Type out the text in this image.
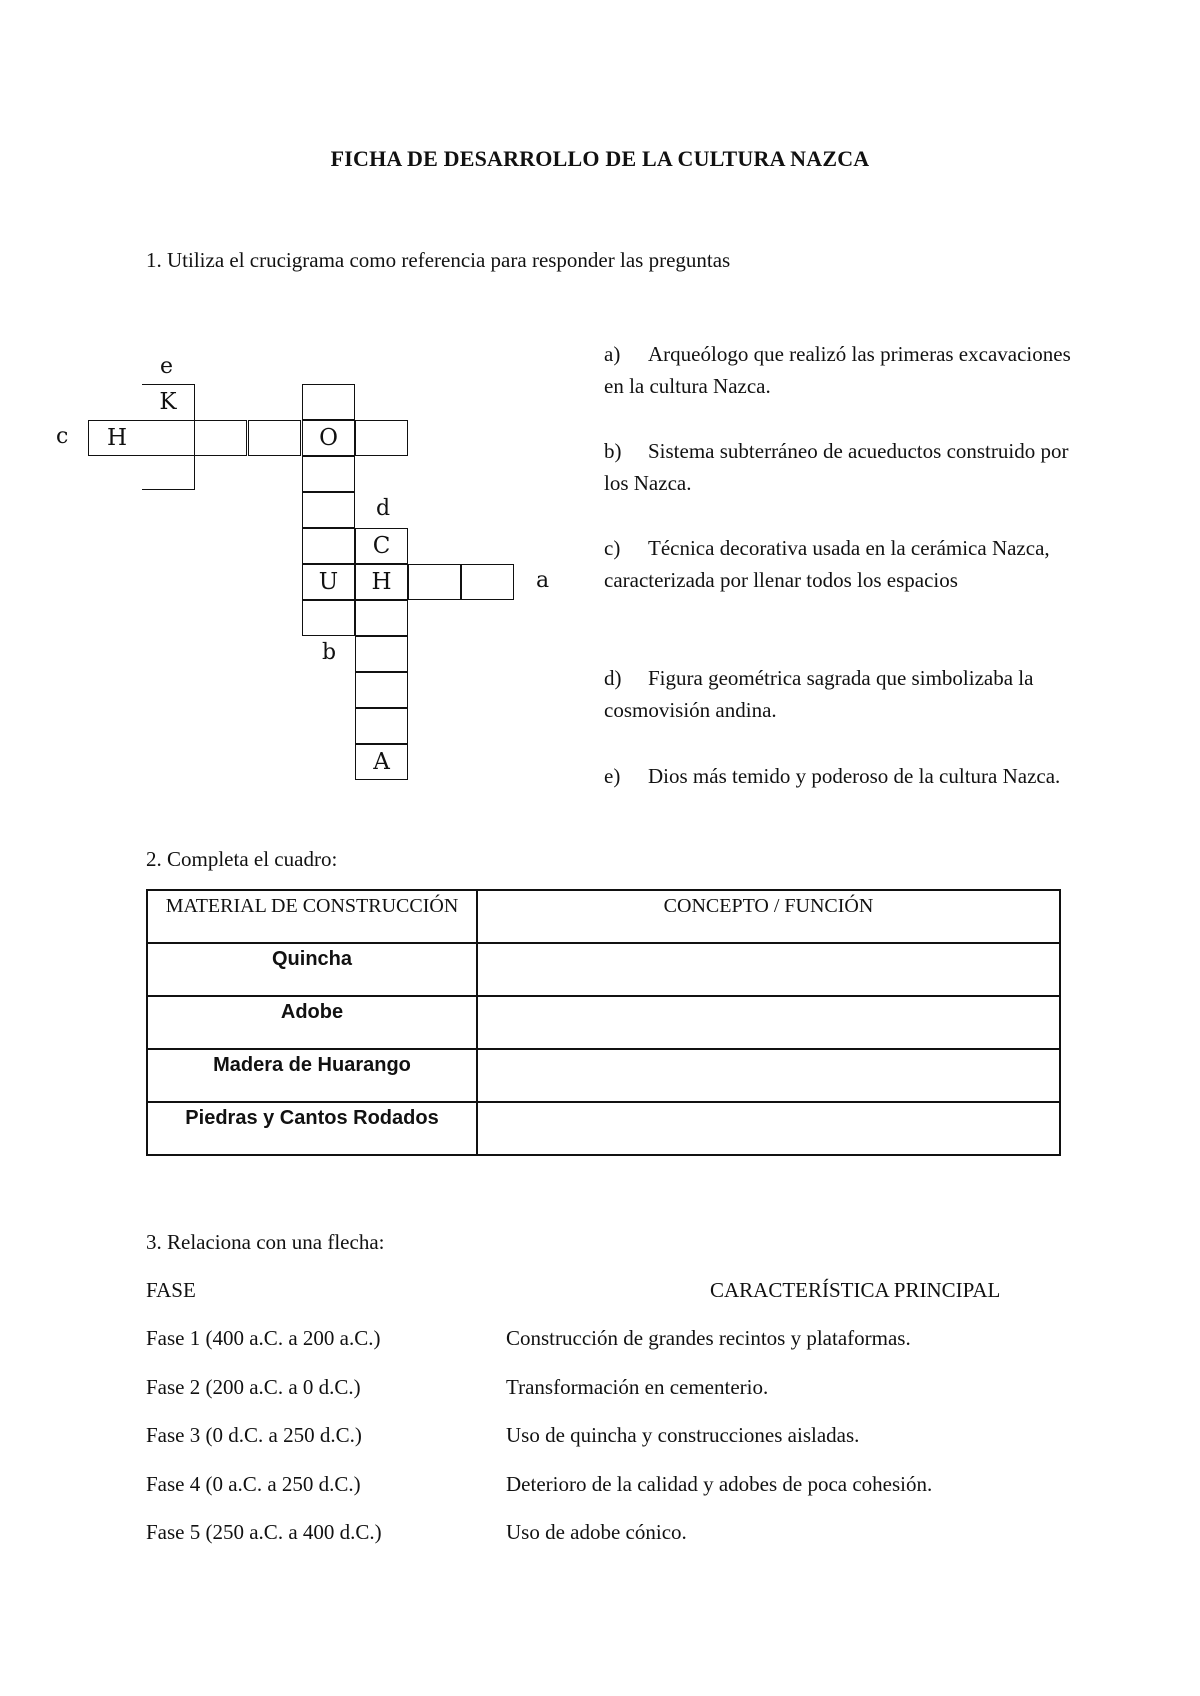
FICHA DE DESARROLLO DE LA CULTURA NAZCA
1. Utiliza el crucigrama como referencia para responder las preguntas
e
K
c	H	O
U
d
C
H
A
a
b
a) Arqueólogo que realizó las primeras excavaciones en la cultura Nazca.
b) Sistema subterráneo de acueductos construido por los Nazca.
c) Técnica decorativa usada en la cerámica Nazca, caracterizada por llenar todos los espacios
d) Figura geométrica sagrada que simbolizaba la cosmovisión andina.
e) Dios más temido y poderoso de la cultura Nazca.
2. Completa el cuadro:
MATERIAL DE CONSTRUCCIÓN	CONCEPTO / FUNCIÓN
Quincha	
Adobe	
Madera de Huarango	
Piedras y Cantos Rodados	
3. Relaciona con una flecha:
FASE	CARACTERÍSTICA PRINCIPAL
Fase 1 (400 a.C. a 200 a.C.)	Construcción de grandes recintos y plataformas.
Fase 2 (200 a.C. a 0 d.C.)	Transformación en cementerio.
Fase 3 (0 d.C. a 250 d.C.)	Uso de quincha y construcciones aisladas.
Fase 4 (0 a.C. a 250 d.C.)	Deterioro de la calidad y adobes de poca cohesión.
Fase 5 (250 a.C. a 400 d.C.)	Uso de adobe cónico.
